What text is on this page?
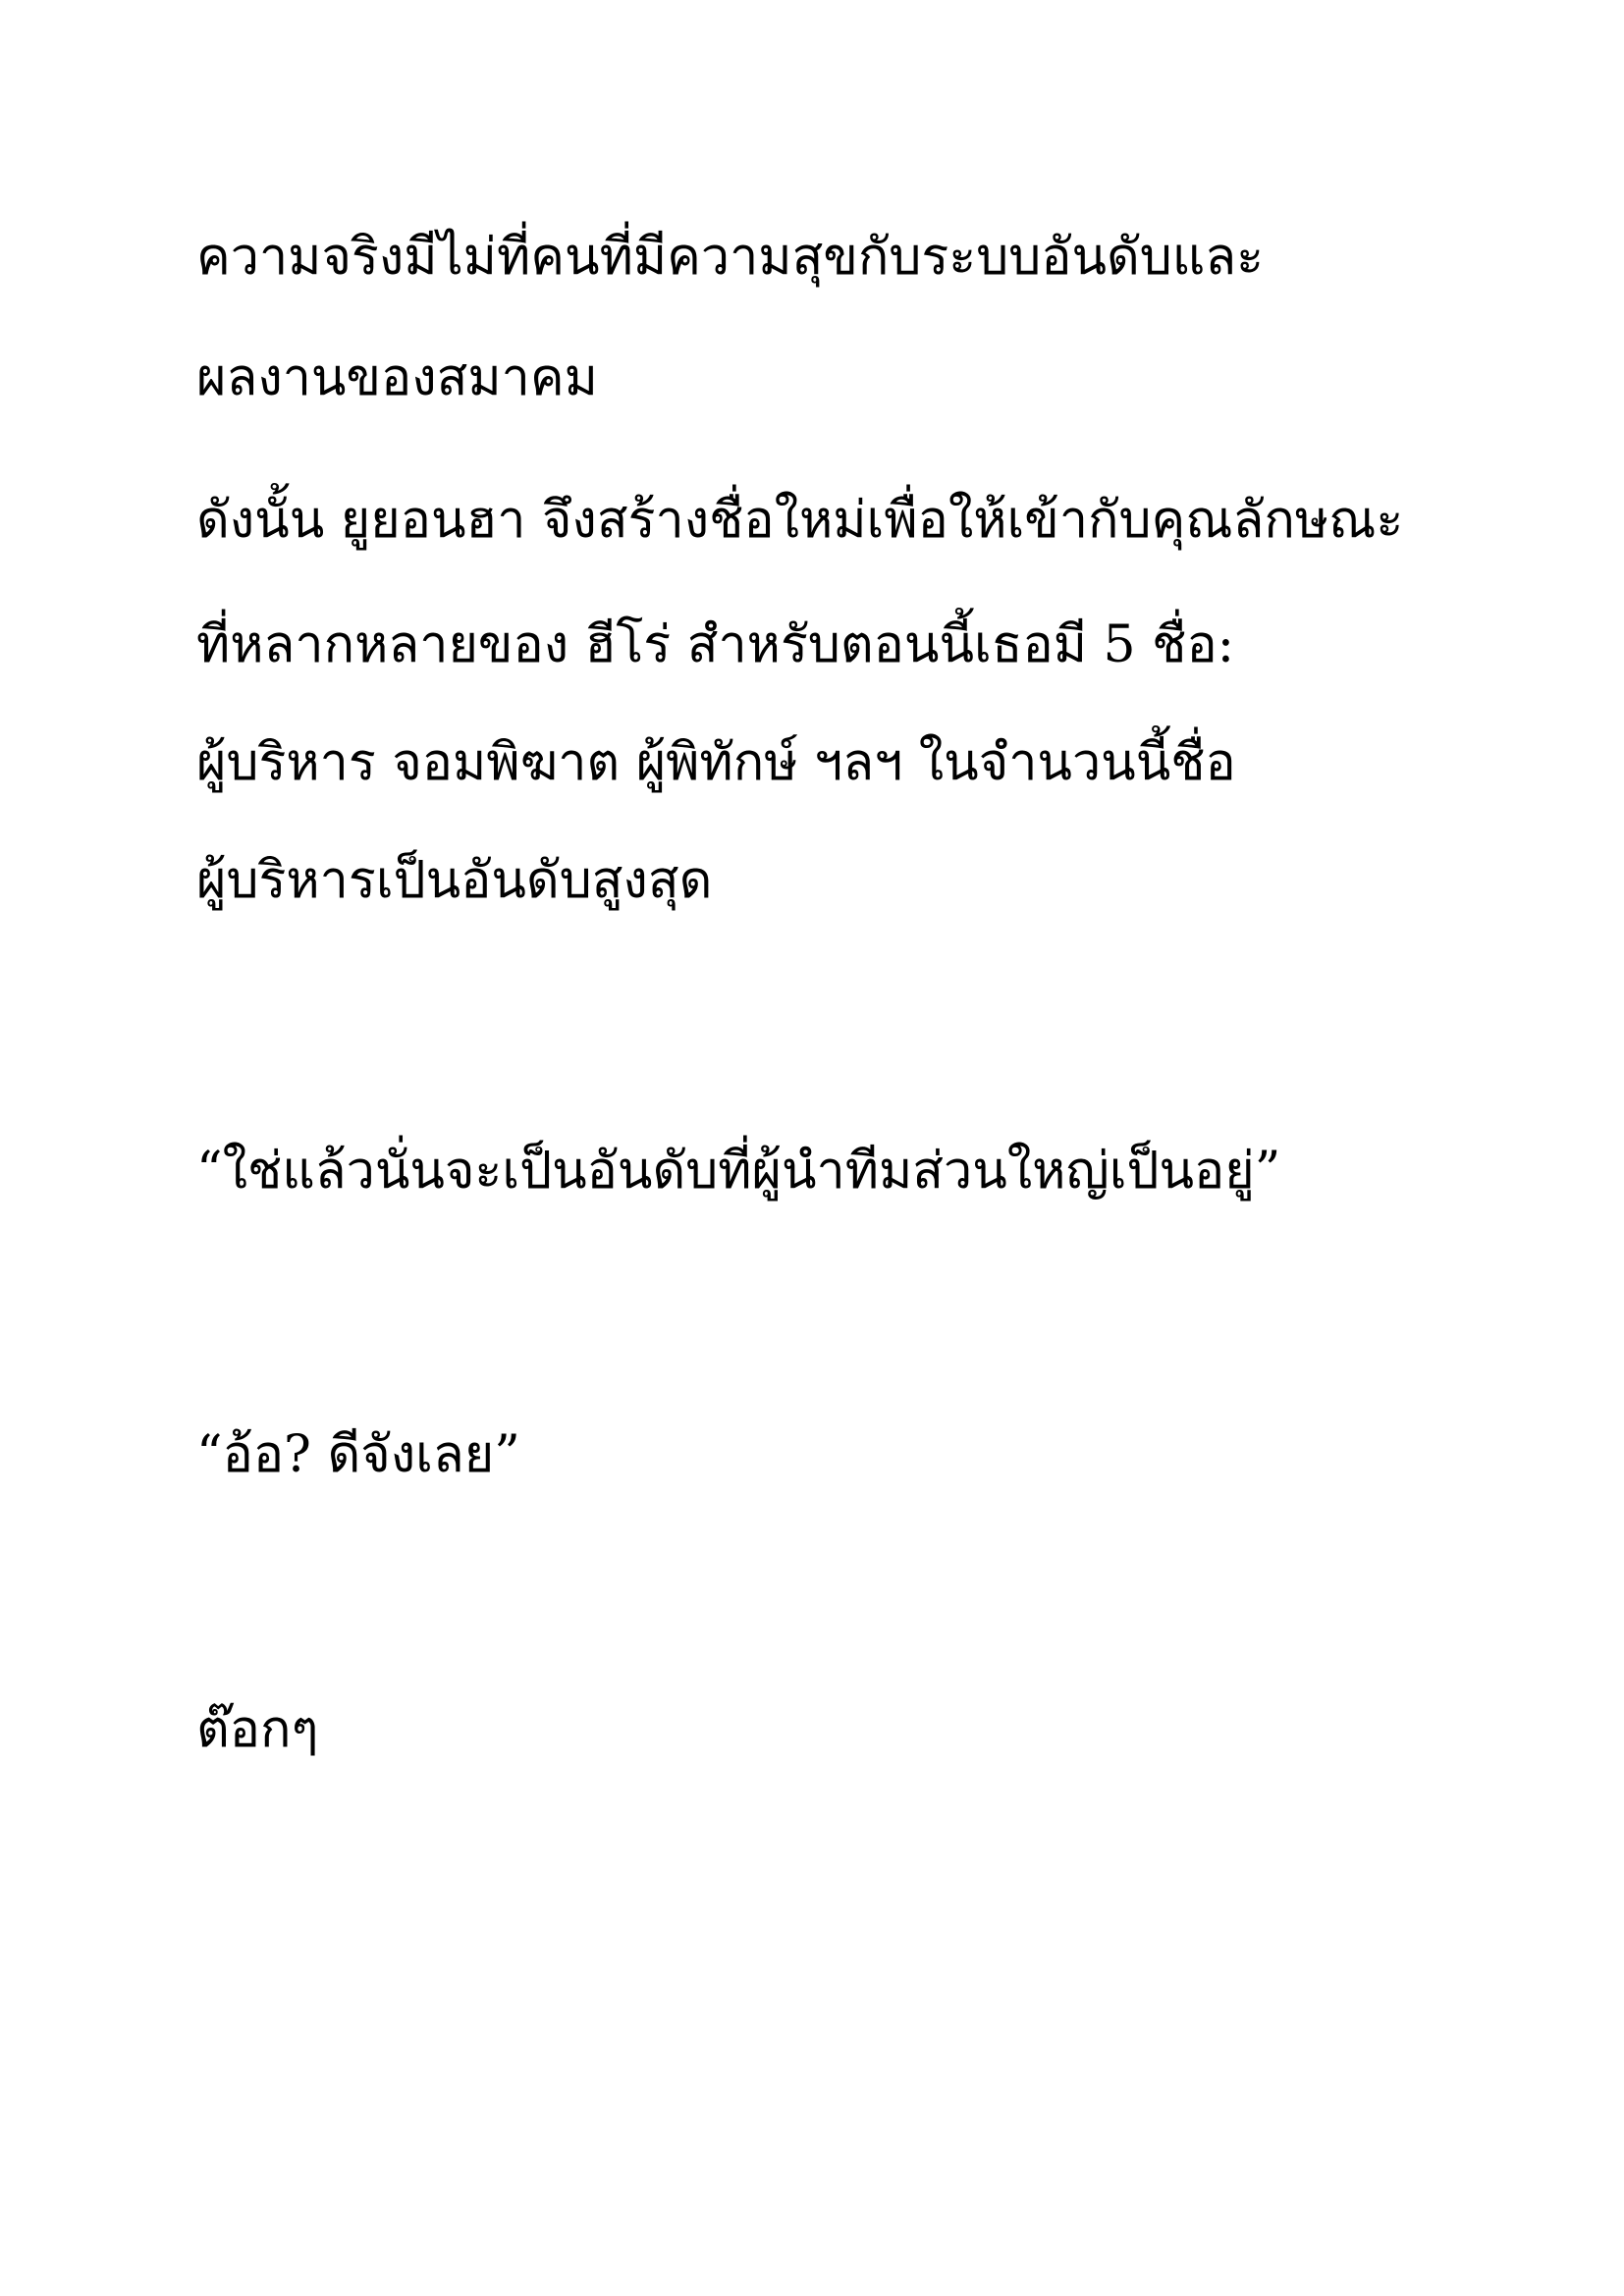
ความจริงมีไม่ที่คนที่มีความสุขกับระบบอันดับและ

ผลงานของสมาคม

ดังนั้น ยูยอนฮา จึงสร้างชื่อใหม่เพื่อให้เข้ากับคุณลักษณะ

ที่หลากหลายของ ฮีโร่ สำหรับตอนนี้เธอมี 5 ชื่อ:

ผู้บริหาร จอมพิฆาต ผู้พิทักษ์ ฯลฯ ในจำนวนนี้ชื่อ

ผู้บริหารเป็นอันดับสูงสุด

“ใช่แล้วนั่นจะเป็นอันดับที่ผู้นำทีมส่วนใหญ่เป็นอยู่”

“อ้อ? ดีจังเลย”

ต๊อกๆ
